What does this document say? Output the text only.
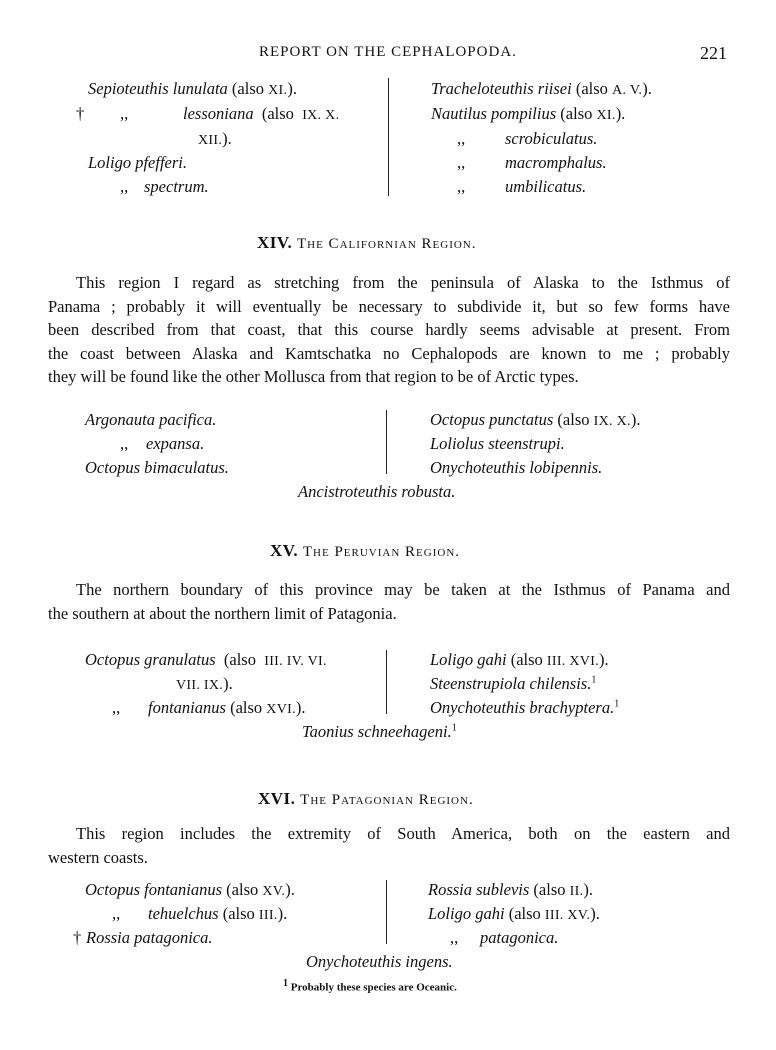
REPORT ON THE CEPHALOPODA.	221
Sepioteuthis lunulata (also XI.).
† ,,	lessoniana (also IX. X.
XII.).
Loligo pfefferi.
,, spectrum.
Tracheloteuthis riisei (also A. V.).
Nautilus pompilius (also XI.).
,, scrobiculatus.
,, macromphalus.
,, umbilicatus.
XIV. The Californian Region.
This region I regard as stretching from the peninsula of Alaska to the Isthmus of
Panama ; probably it will eventually be necessary to subdivide it, but so few forms have
been described from that coast, that this course hardly seems advisable at present. From
the coast between Alaska and Kamtschatka no Cephalopods are known to me ; probably
they will be found like the other Mollusca from that region to be of Arctic types.
Argonauta pacifica.
,, expansa.
Octopus bimaculatus.
Octopus punctatus (also IX. X.).
Loliolus steenstrupi.
Onychoteuthis lobipennis.
Ancistroteuthis robusta.
XV. The Peruvian Region.
The northern boundary of this province may be taken at the Isthmus of Panama and
the southern at about the northern limit of Patagonia.
Octopus granulatus (also III. IV. VI.
VII. IX.).
,, fontanianus (also XVI.).
Loligo gahi (also III. XVI.).
Steenstrupiola chilensis.$^1$
Onychoteuthis brachyptera.$^1$
Taonius schneehageni.$^1$
XVI. The Patagonian Region.
This region includes the extremity of South America, both on the eastern and
western coasts.
Octopus fontanianus (also XV.).
,, tehuelchus (also III.).
† Rossia patagonica.
Rossia sublevis (also II.).
Loligo gahi (also III. XV.).
,, patagonica.
Onychoteuthis ingens.
$^1$ Probably these species are Oceanic.
